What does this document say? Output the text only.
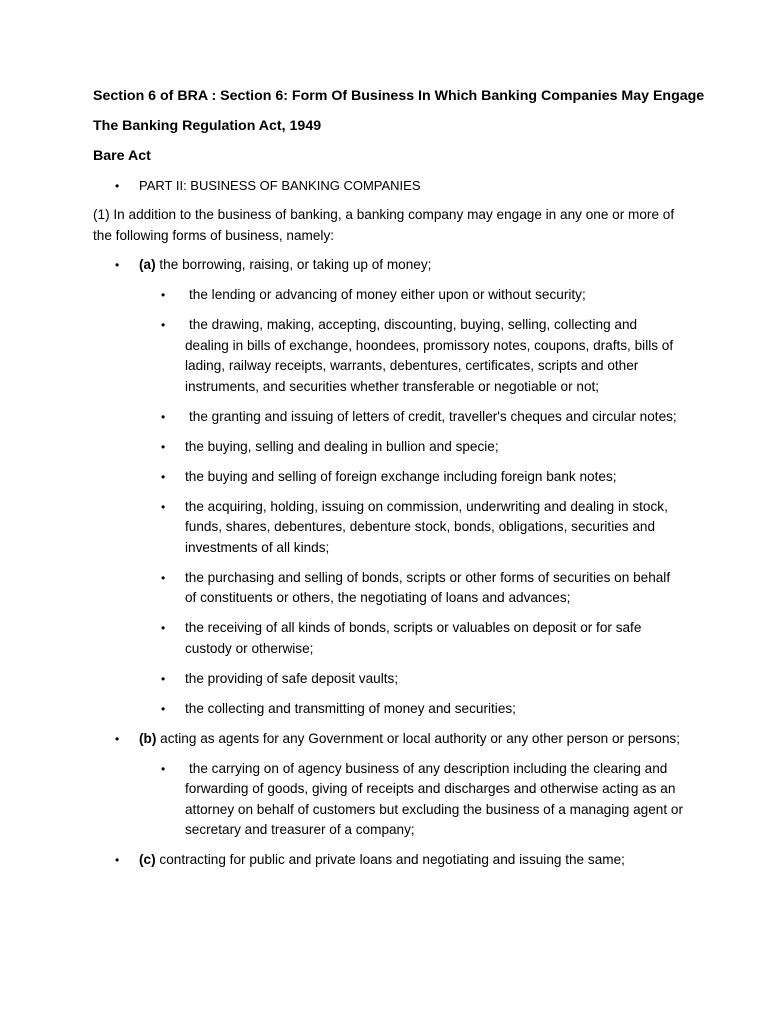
Section 6 of BRA : Section 6: Form Of Business In Which Banking Companies May Engage
The Banking Regulation Act, 1949
Bare Act
• PART II: BUSINESS OF BANKING COMPANIES

(1) In addition to the business of banking, a banking company may engage in any one or more of the following forms of business, namely:

• (a) the borrowing, raising, or taking up of money;
• the lending or advancing of money either upon or without security;
• the drawing, making, accepting, discounting, buying, selling, collecting and dealing in bills of exchange, hoondees, promissory notes, coupons, drafts, bills of lading, railway receipts, warrants, debentures, certificates, scripts and other instruments, and securities whether transferable or negotiable or not;
• the granting and issuing of letters of credit, traveller's cheques and circular notes;
• the buying, selling and dealing in bullion and specie;
• the buying and selling of foreign exchange including foreign bank notes;
• the acquiring, holding, issuing on commission, underwriting and dealing in stock, funds, shares, debentures, debenture stock, bonds, obligations, securities and investments of all kinds;
• the purchasing and selling of bonds, scripts or other forms of securities on behalf of constituents or others, the negotiating of loans and advances;
• the receiving of all kinds of bonds, scripts or valuables on deposit or for safe custody or otherwise;
• the providing of safe deposit vaults;
• the collecting and transmitting of money and securities;
• (b) acting as agents for any Government or local authority or any other person or persons;
• the carrying on of agency business of any description including the clearing and forwarding of goods, giving of receipts and discharges and otherwise acting as an attorney on behalf of customers but excluding the business of a managing agent or secretary and treasurer of a company;
• (c) contracting for public and private loans and negotiating and issuing the same;
